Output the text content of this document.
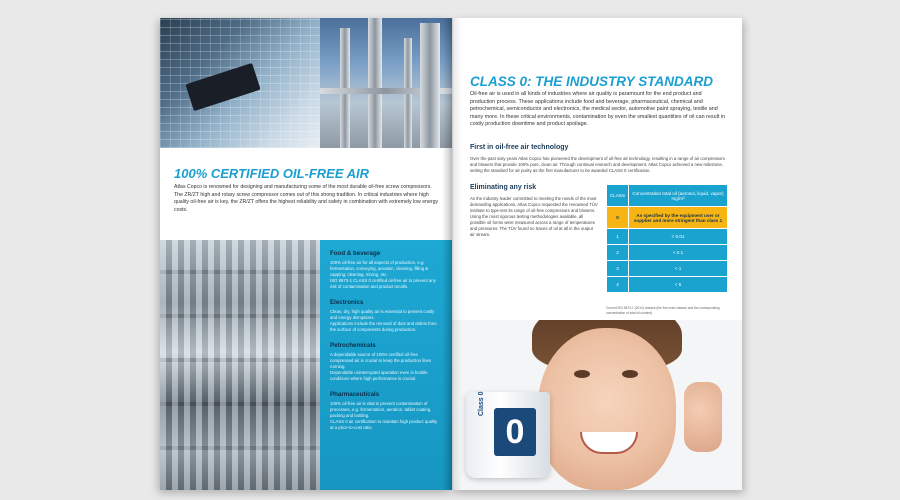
100% CERTIFIED OIL-FREE AIR
Atlas Copco is renowned for designing and manufacturing some of the most durable oil-free screw compressors. The ZR/ZT high and rotary screw compressor comes out of this strong tradition. In critical industries where high quality oil-free air is key, the ZR/ZT offers the highest reliability and safety in combination with extremely low energy costs.
Food & beverage
100% oil-free air for all aspects of production, e.g. fermentation, conveying, aeration, cleaning, filling & capping, cleaning, mixing, etc.
ISO 8573-1 CLASS 0 certified oil-free air to prevent any risk of contamination and product recalls.
Electronics
Clean, dry, high quality air is essential to prevent costly and energy disruptions.
Applications include the removal of dust and debris from the surface of components during production.
Petrochemicals
A dependable source of 100% certified oil-free compressed air is crucial to keep the production lines running.
Dependable uninterrupted operation even in hostile conditions where high performance is crucial.
Pharmaceuticals
100% oil-free air is vital to prevent contamination of processes, e.g. fermentation, aeration, tablet coating, packing and bottling.
CLASS 0 air certification to maintain high product quality at a price-to-cost ratio.
CLASS 0: THE INDUSTRY STANDARD
Oil-free air is used in all kinds of industries where air quality is paramount for the end product and production process. These applications include food and beverage, pharmaceutical, chemical and petrochemical, semiconductor and electronics, the medical sector, automotive paint spraying, textile and many more. In these critical environments, contamination by even the smallest quantities of oil can result in costly production downtime and product spoilage.
First in oil-free air technology
Over the past sixty years Atlas Copco has pioneered the development of oil-free air technology, resulting in a range of air compressors and blowers that provide 100% pure, clean air. Through continual research and development, Atlas Copco achieved a new milestone, setting the standard for air purity as the first manufacturer to be awarded CLASS 0 certification.
Eliminating any risk
As the industry leader committed to meeting the needs of the most demanding applications, Atlas Copco requested the renowned TÜV institute to type-test its range of oil-free compressors and blowers. Using the most rigorous testing methodologies available, all possible oil forms were measured across a range of temperatures and pressures. The TÜV found no traces of oil at all in the output air stream.
CLASS	Concentration total oil (aerosol, liquid, vapor) mg/m³
0	As specified by the equipment user or supplier and more stringent than class 1
1	< 0.01
2	< 0.1
3	< 1
4	< 5
Current ISO 8573-1 (2010) classes (the five main classes and the corresponding concentration of total oil content).
0
Class 0
